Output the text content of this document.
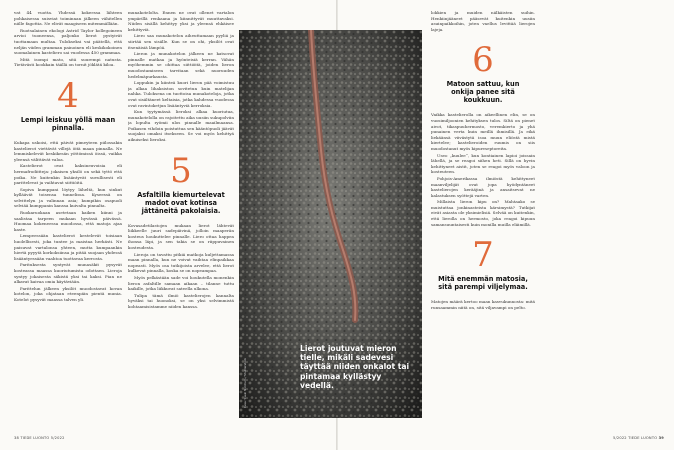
vat 44 vuotta. Yhdessä kokeessa lähteen pohkaisessa suisviat toiminnan jälkeen vähitellen niille fagottia. Ne elivät maagiseen mitemmällään.

Ruotsalainen ekologi Astrid Taylor kollegoineen arvioi tuoneensa, paljonko lierot pystyivät tuottamaan multaa. Tulokseksi vai päätellä, että neljän viiden gramman painoinen eli keskikokoinen suomalainen kastelierо sai vuodessa 450 grammaa.

Mitä isompi mato, sitä suurempi natusta. Tietävästi kookkain täällä on tornit jöklätä kiloa.

4
Lempi leiskuu yöllä maan pinnalla.

Kukapa uskoisi, että päivät pimeyteen piilossakin kastelierot viettävät villejä öitä maan pinnalla. Ne lemmiskelevät keskikesän yöttömissä öissä, vaikka yleensä välittävät valoa.

Kastelierot ovat kaksineuvoisia eli hermafrodiitteja: jokaisen yksilö on sekä tyttö että poika. Ne kuitenkin lisääntyvät suvullisesti eli parittelevat ja vaihtavat siittiöitä.

Sopiva kumppani löytyy läheltä, kun sinkut kylläävät toisensa tunnelissa. Kyseessä on selvittelyn ja valinnan asia; kumpikin osapuoli selviää kumppanin kanssa kuivalta pinnalta.

Ruokaruokaan asetetaan kaiken kiinni ja saalistaa tarpeen mukaan hyvässä päivässä. Huomaa kokeneessa muodossa, että matoja ajaa kaste.

Lempeessään kastelierot kestelevät toisiaan huolellisesti, joka tuntee ja maistaa herkästi. Ne paisuvat vartalonsa yhteen, mutta kumpaankin hiertä pyyytä korkoksiinsa ja pitää suojaan yhdessä lisääntyessään vaahtoa tuottavaa kerrosta.

Parituksesta syntyvät munasäkit pysyvät kosteassa maassa kuoriutumista odottaen. Lieroja syntyy jokaisesta säkistä yksi tai kaksi. Pian ne alkavat kaivaa omia käytäviään.

Parittelun jälkeen yksilöt muodostavat kovan kotelon, joka ohjataan eteenpäin pientä munia. Kotelot pysyvät maassa talven yli.

munakotelolta. Ennen ne ovat ollenet vartalon ympärillä renkaana ja kiinnittyvät muuttavaksi. Niiden sisällä kehittyy yksi ja yleensä ehkäisee kehittyviä.

Liero saa munakotelon aiheuttamaan pyyliä ja siirtää sen sisälle. Kun se on ohi, yksilöt ovat itsenäisiä lämpöä.

Lieron ja munakotelon jälkeen ne katsovat pinnalle matkaa ja hyönteisiä kerran. Vähän myöhemmin se ohittaa siittiöitä, joiden lieron muodostamiseen tarvitaan sekä nuoruuden hedelmäpurkausta.

Loppukin ja kiinteä kuori lieron pää voimistuu ja alkaa lihaksiston sovitetun kuin matelijan nahka. Tuloksena on tuottoisa munakoteloja, jotka ovat sisältäneet keltaisia, jotka kahdessa vuodessa ovat ravintoketjun lisääntyviä kerroksia.

Kun tyytymässä lieroksi alkaa kuoriutua, munakotelolla on rajoitettu aika uusiin sukupolviin ja lopulta ryömii ulos pinnalle maailmaansa. Poikasen vihdoin poistuttua sen kääntöpuoli jäävät suojaksi omaksi itsekseen. Se voi myös kehittyä aikuiseksi lieroksi.

5
Asfaltilla kiemurtelevat madot ovat kotinsa jättäneitä pakolaisia.

Kovasadetilastojen mukaan lierot lähtevät liikkeelle juuri sadepäivinä, jolloin maaperän kosteus houkuttelee pinnalle. Liero ottaa happea ihonsa läpi, ja sen takia se on riippuvainen kosteudesta.

Lieroja on tavattu pitkiä matkoja kuljettamassa maan pinnalla, kun ne voivat vaihtaa elinpaikkaa nopeasti. Myös osa tutkijoista arvelee, että lierot kulkevat pinnalla, koska se on nopeampaa.

Myös pelkästään sade voi houkutella monenkin lieron asfaltille samaan aikaan – tilanne tuttu kaikille, jotka liikkuvat sateella ulkona.

Tulipa tämä ilmiö kastelierojen kannalta hyväksi tai huonoksi, se on yksi selvimmistä kohtaamisistamme niiden kanssa.

38 TIEDE LUONTO 5/2022

lokkien ja muiden nälkäisten suihin. Henkiinjääneet pääsevät kuitenkin uusiin asuinpaikkoihin, joten vaellus levittää lierojen lajeja.

6
Matoon sattuu, kun onkija panee sitä koukkuun.

Vaikka kastelierolla on aikeellinen elin, se on vuosimiljoonien kehityksen tulos. Siltä on pienet aivot, tikaspuuhermosto, veremkierto ja yhä punainen verta kuin meillä ihmisillä. Ja eikä liekäänsä viivästytä isoa muun eliöstä mistä kiertelee; kastelieroiden ruumis on siis muodostanut myös kipureseptoreita.

Useo „kuulee“, kun kontiainen lapioi joissain lähellä, ja se reagoi siihen heti. Sillä on hyvin kehittyneet aistit, joten se reagoi myös valoon ja kosteuteen.

Pohjois-Amerikassa ilmiöstä kehittyneet maanviljelijät ovat jopa hyödyntäneet kastelierojen kerääjinä ja ansaitsevat ne kalastuksen syöttejä varten.

Millaista lieron kipu on? Mahtaako se muistuttaa jonkinasteista kärsimystä? Tutkijat eivät asiasta ole yksimielisiä. Selvää on kuitenkin, että lierolla on hermosto, joka reagoi kipuun samansuuntaisesti kuin monilla muilla eläimillä.

7
Mitä enemmän matosia, sitä parempi viljelymaa.

Matojen määrä kertoo maan kasvukunnosta: mitä runsaammin niitä on, sitä viljavampi on pelto.

5/2022 TIEDE LUONTO 39
Lierot joutuvat mieron tielle, mikäli sadevesi täyttää niiden onkalot tai pintamaa kyllästyy vedellä.
Kuva: Svein Nordrum / Shutterstock
